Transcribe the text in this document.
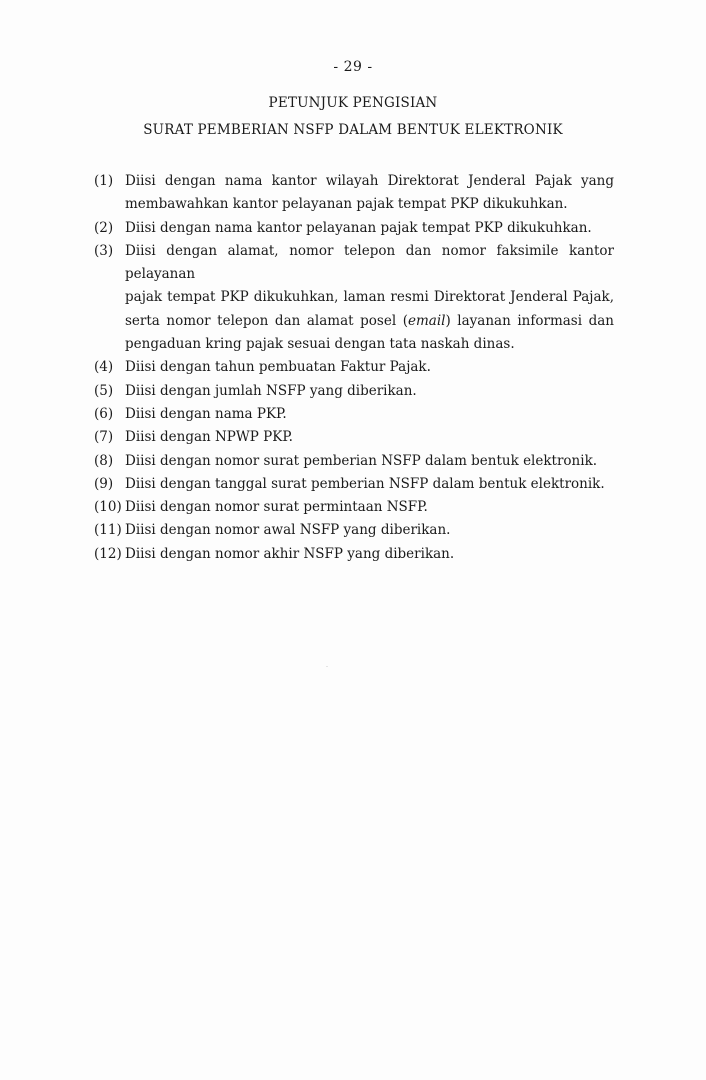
- 29 -
PETUNJUK PENGISIAN
SURAT PEMBERIAN NSFP DALAM BENTUK ELEKTRONIK
(1) Diisi dengan nama kantor wilayah Direktorat Jenderal Pajak yang
membawahkan kantor pelayanan pajak tempat PKP dikukuhkan.
(2) Diisi dengan nama kantor pelayanan pajak tempat PKP dikukuhkan.
(3) Diisi dengan alamat, nomor telepon dan nomor faksimile kantor pelayanan
pajak tempat PKP dikukuhkan, laman resmi Direktorat Jenderal Pajak,
serta nomor telepon dan alamat posel (email) layanan informasi dan
pengaduan kring pajak sesuai dengan tata naskah dinas.
(4) Diisi dengan tahun pembuatan Faktur Pajak.
(5) Diisi dengan jumlah NSFP yang diberikan.
(6) Diisi dengan nama PKP.
(7) Diisi dengan NPWP PKP.
(8) Diisi dengan nomor surat pemberian NSFP dalam bentuk elektronik.
(9) Diisi dengan tanggal surat pemberian NSFP dalam bentuk elektronik.
(10) Diisi dengan nomor surat permintaan NSFP.
(11) Diisi dengan nomor awal NSFP yang diberikan.
(12) Diisi dengan nomor akhir NSFP yang diberikan.
